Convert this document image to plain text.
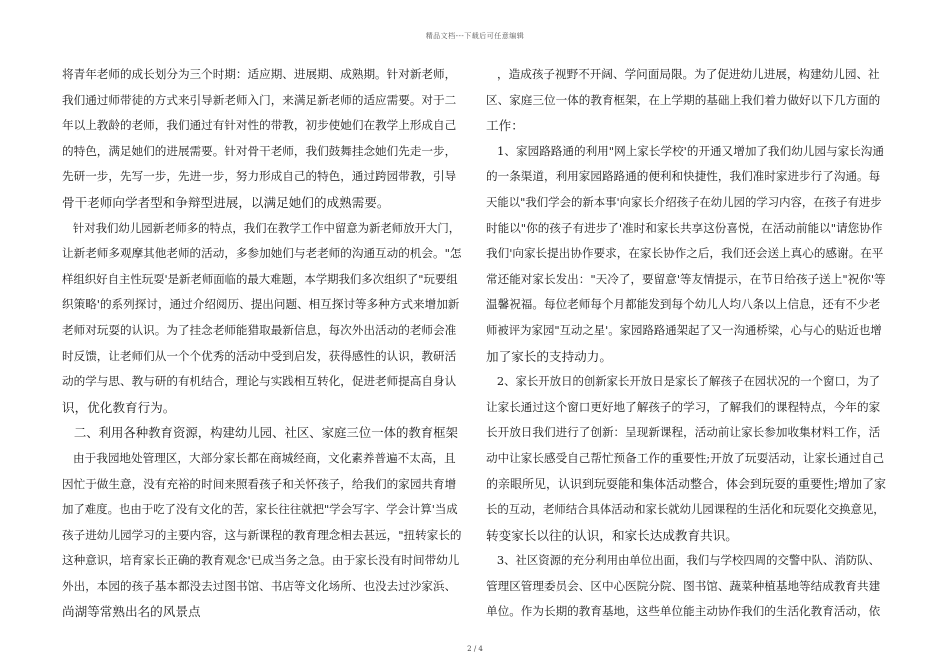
精品文档---下载后可任意编辑
将青年老师的成长划分为三个时期：适应期、进展期、成熟期。针对新老师，
我们通过师带徒的方式来引导新老师入门，来满足新老师的适应需要。对于二
年以上教龄的老师，我们通过有针对性的带教，初步使她们在教学上形成自己
的特色，满足她们的进展需要。针对骨干老师，我们鼓舞挂念她们先走一步，
先研一步，先写一步，先进一步，努力形成自己的特色，通过跨园带教，引导
骨干老师向学者型和争辩型进展，以满足她们的成熟需要。
针对我们幼儿园新老师多的特点，我们在教学工作中留意为新老师放开大门，
让新老师多观摩其他老师的活动，多参加她们与老老师的沟通互动的机会。"怎
样组织好自主性玩耍'是新老师面临的最大难题，本学期我们多次组织了"玩要组
织策略'的系列探讨，通过介绍阅历、提出问题、相互探讨等多种方式来增加新
老师对玩耍的认识。为了挂念老师能猎取最新信息，每次外出活动的老师会准
时反馈，让老师们从一个个优秀的活动中受到启发，获得感性的认识，教研活
动的学与思、教与研的有机结合，理论与实践相互转化，促进老师提高自身认
识，优化教育行为。
二、利用各种教育资源，构建幼儿园、社区、家庭三位一体的教育框架
由于我园地处管理区，大部分家长都在商城经商，文化素养普遍不太高，且
因忙于做生意，没有充裕的时间来照看孩子和关怀孩子，给我们的家园共育增
加了难度。也由于吃了没有文化的苦，家长往往就把"学会写字、学会计算'当成
孩子进幼儿园学习的主要内容，这与新课程的教育理念相去甚远，"扭转家长的
这种意识，培育家长正确的教育观念'已成当务之急。由于家长没有时间带幼儿
外出，本园的孩子基本都没去过图书馆、书店等文化场所、也没去过沙家浜、
尚湖等常熟出名的风景点
，造成孩子视野不开阔、学问面局限。为了促进幼儿进展，构建幼儿园、社
区、家庭三位一体的教育框架，在上学期的基础上我们着力做好以下几方面的
工作：
1、家园路路通的利用"网上家长学校'的开通又增加了我们幼儿园与家长沟通
的一条渠道，利用家园路路通的便利和快捷性，我们准时家进步行了沟通。每
天能以"我们学会的新本事'向家长介绍孩子在幼儿园的学习内容，在孩子有进步
时能以"你的孩子有进步了'准时和家长共享这份喜悦，在活动前能以"请您协作
我们'向家长提出协作要求，在家长协作之后，我们还会送上真心的感谢。在平
常还能对家长发出："天冷了，要留意'等友情提示，在节日给孩子送上"祝你'等
温馨祝福。每位老师每个月都能发到每个幼儿人均八条以上信息，还有不少老
师被评为家园"互动之星'。家园路路通架起了又一沟通桥梁，心与心的贴近也增
加了家长的支持动力。
2、家长开放日的创新家长开放日是家长了解孩子在园状况的一个窗口，为了
让家长通过这个窗口更好地了解孩子的学习，了解我们的课程特点，今年的家
长开放日我们进行了创新：呈现新课程，活动前让家长参加收集材料工作，活
动中让家长感受自己帮忙预备工作的重要性;开放了玩耍活动，让家长通过自己
的亲眼所见，认识到玩耍能和集体活动整合，体会到玩耍的重要性;增加了家
长的互动，老师结合具体活动和家长就幼儿园课程的生活化和玩耍化交换意见，
转变家长以往的认识，和家长达成教育共识。
3、社区资源的充分利用由单位出面，我们与学校四周的交警中队、消防队、
管理区管理委员会、区中心医院分院、图书馆、蔬菜种植基地等结成教育共建
单位。作为长期的教育基地，这些单位能主动协作我们的生活化教育活动，依
2 / 4
